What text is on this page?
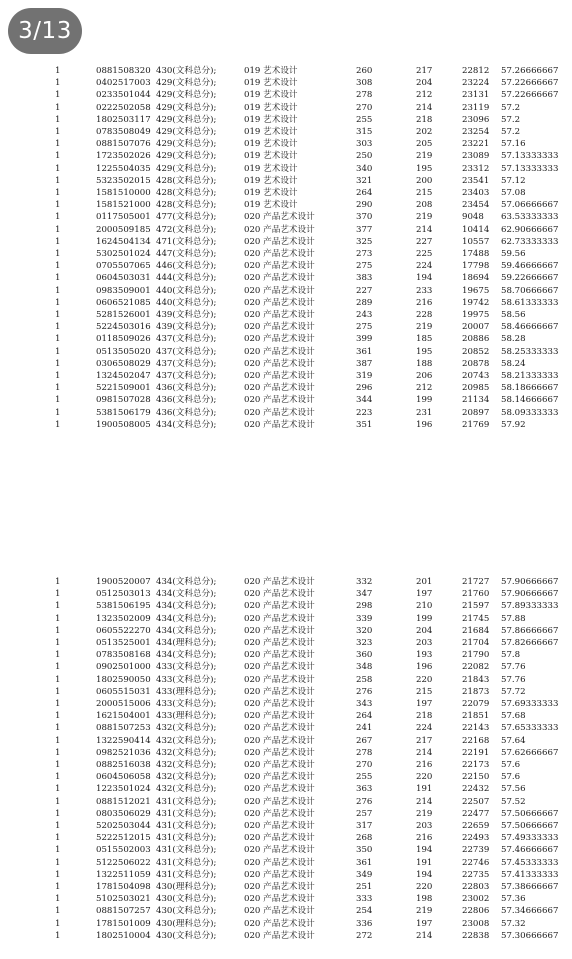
3/13
1	0881508320 430(文科总分);	019 艺术设计	260	217	22812 57.26666667
1	0402517003 429(文科总分);	019 艺术设计	308	204	23224 57.22666667
1	0233501044 429(文科总分);	019 艺术设计	278	212	23131 57.22666667
1	0222502058 429(文科总分);	019 艺术设计	270	214	23119 57.2
1	1802503117 429(文科总分);	019 艺术设计	255	218	23096 57.2
1	0783508049 429(文科总分);	019 艺术设计	315	202	23254 57.2
1	0881507076 429(文科总分);	019 艺术设计	303	205	23221 57.16
1	1723502026 429(文科总分);	019 艺术设计	250	219	23089 57.13333333
1	1225504035 429(文科总分);	019 艺术设计	340	195	23312 57.13333333
1	5323502015 428(文科总分);	019 艺术设计	321	200	23541 57.12
1	1581510000 428(文科总分);	019 艺术设计	264	215	23403 57.08
1	1581521000 428(文科总分);	019 艺术设计	290	208	23454 57.06666667
1	0117505001 477(文科总分);	020 产品艺术设计	370	219	9048 63.53333333
1	2000509185 472(文科总分);	020 产品艺术设计	377	214	10414 62.90666667
1	1624504134 471(文科总分);	020 产品艺术设计	325	227	10557 62.73333333
1	5302501024 447(文科总分);	020 产品艺术设计	273	225	17488 59.56
1	0705507065 446(文科总分);	020 产品艺术设计	275	224	17798 59.46666667
1	0604503031 444(文科总分);	020 产品艺术设计	383	194	18694 59.22666667
1	0983509001 440(文科总分);	020 产品艺术设计	227	233	19675 58.70666667
1	0606521085 440(文科总分);	020 产品艺术设计	289	216	19742 58.61333333
1	5281526001 439(文科总分);	020 产品艺术设计	243	228	19975 58.56
1	5224503016 439(文科总分);	020 产品艺术设计	275	219	20007 58.46666667
1	0118509026 437(文科总分);	020 产品艺术设计	399	185	20886 58.28
1	0513505020 437(文科总分);	020 产品艺术设计	361	195	20852 58.25333333
1	0306508029 437(文科总分);	020 产品艺术设计	387	188	20878 58.24
1	1324502047 437(文科总分);	020 产品艺术设计	319	206	20743 58.21333333
1	5221509001 436(文科总分);	020 产品艺术设计	296	212	20985 58.18666667
1	0981507028 436(文科总分);	020 产品艺术设计	344	199	21134 58.14666667
1	5381506179 436(文科总分);	020 产品艺术设计	223	231	20897 58.09333333
1	1900508005 434(文科总分);	020 产品艺术设计	351	196	21769 57.92
1	1900520007 434(文科总分);	020 产品艺术设计	332	201	21727 57.90666667
1	0512503013 434(文科总分);	020 产品艺术设计	347	197	21760 57.90666667
1	5381506195 434(文科总分);	020 产品艺术设计	298	210	21597 57.89333333
1	1323502009 434(文科总分);	020 产品艺术设计	339	199	21745 57.88
1	0605522270 434(文科总分);	020 产品艺术设计	320	204	21684 57.86666667
1	0513525001 434(理科总分);	020 产品艺术设计	323	203	21704 57.82666667
1	0783508168 434(文科总分);	020 产品艺术设计	360	193	21790 57.8
1	0902501000 433(文科总分);	020 产品艺术设计	348	196	22082 57.76
1	1802590050 433(文科总分);	020 产品艺术设计	258	220	21843 57.76
1	0605515031 433(理科总分);	020 产品艺术设计	276	215	21873 57.72
1	2000515006 433(文科总分);	020 产品艺术设计	343	197	22079 57.69333333
1	1621504001 433(理科总分);	020 产品艺术设计	264	218	21851 57.68
1	0881507253 432(文科总分);	020 产品艺术设计	241	224	22143 57.65333333
1	1322590414 432(文科总分);	020 产品艺术设计	267	217	22168 57.64
1	0982521036 432(文科总分);	020 产品艺术设计	278	214	22191 57.62666667
1	0882516038 432(文科总分);	020 产品艺术设计	270	216	22173 57.6
1	0604506058 432(文科总分);	020 产品艺术设计	255	220	22150 57.6
1	1223501024 432(文科总分);	020 产品艺术设计	363	191	22432 57.56
1	0881512021 431(文科总分);	020 产品艺术设计	276	214	22507 57.52
1	0803506029 431(文科总分);	020 产品艺术设计	257	219	22477 57.50666667
1	5202503044 431(文科总分);	020 产品艺术设计	317	203	22659 57.50666667
1	5222512015 431(文科总分);	020 产品艺术设计	268	216	22493 57.49333333
1	0515502003 431(文科总分);	020 产品艺术设计	350	194	22739 57.46666667
1	5122506022 431(文科总分);	020 产品艺术设计	361	191	22746 57.45333333
1	1322511059 431(文科总分);	020 产品艺术设计	349	194	22735 57.41333333
1	1781504098 430(理科总分);	020 产品艺术设计	251	220	22803 57.38666667
1	5102503021 430(文科总分);	020 产品艺术设计	333	198	23002 57.36
1	0881507257 430(文科总分);	020 产品艺术设计	254	219	22806 57.34666667
1	1781501009 430(理科总分);	020 产品艺术设计	336	197	23008 57.32
1	1802510004 430(文科总分);	020 产品艺术设计	272	214	22838 57.30666667
